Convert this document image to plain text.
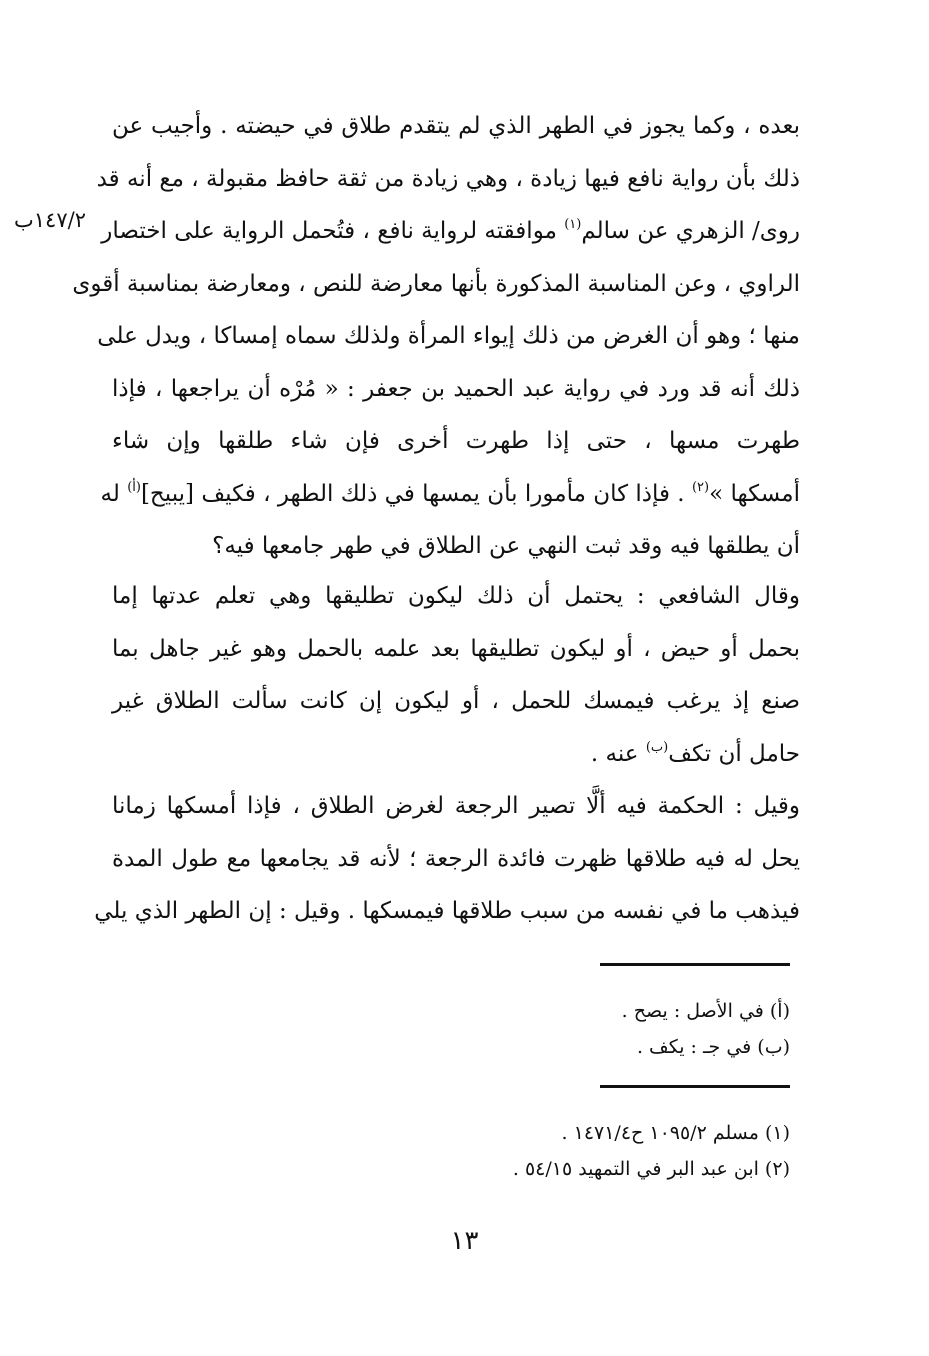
١٤٧/٢ب
بعده ، وكما يجوز في الطهر الذي لم يتقدم طلاق في حيضته . وأجيب عن
ذلك بأن رواية نافع فيها زيادة ، وهي زيادة من ثقة حافظ مقبولة ، مع أنه قد
روى/ الزهري عن سالم$^{(١)}$ موافقته لرواية نافع ، فتُحمل الرواية على اختصار
الراوي ، وعن المناسبة المذكورة بأنها معارضة للنص ، ومعارضة بمناسبة أقوى
منها ؛ وهو أن الغرض من ذلك إيواء المرأة ولذلك سماه إمساكا ، ويدل على
ذلك أنه قد ورد في رواية عبد الحميد بن جعفر : « مُرْه أن يراجعها ، فإذا
طهرت مسها ، حتى إذا طهرت أخرى فإن شاء طلقها وإن شاء
أمسكها »$^{(٢)}$ . فإذا كان مأمورا بأن يمسها في ذلك الطهر ، فكيف [يبيح]$^{(أ)}$ له
أن يطلقها فيه وقد ثبت النهي عن الطلاق في طهر جامعها فيه؟
وقال الشافعي : يحتمل أن ذلك ليكون تطليقها وهي تعلم عدتها إما
بحمل أو حيض ، أو ليكون تطليقها بعد علمه بالحمل وهو غير جاهل بما
صنع إذ يرغب فيمسك للحمل ، أو ليكون إن كانت سألت الطلاق غير
حامل أن تكف$^{(ب)}$ عنه .
وقيل : الحكمة فيه ألَّا تصير الرجعة لغرض الطلاق ، فإذا أمسكها زمانا
يحل له فيه طلاقها ظهرت فائدة الرجعة ؛ لأنه قد يجامعها مع طول المدة
فيذهب ما في نفسه من سبب طلاقها فيمسكها . وقيل : إن الطهر الذي يلي
(أ) في الأصل : يصح .
(ب) في جـ : يكف .
(١) مسلم ١٠٩٥/٢ ح١٤٧١/٤ .
(٢) ابن عبد البر في التمهيد ٥٤/١٥ .
١٣
